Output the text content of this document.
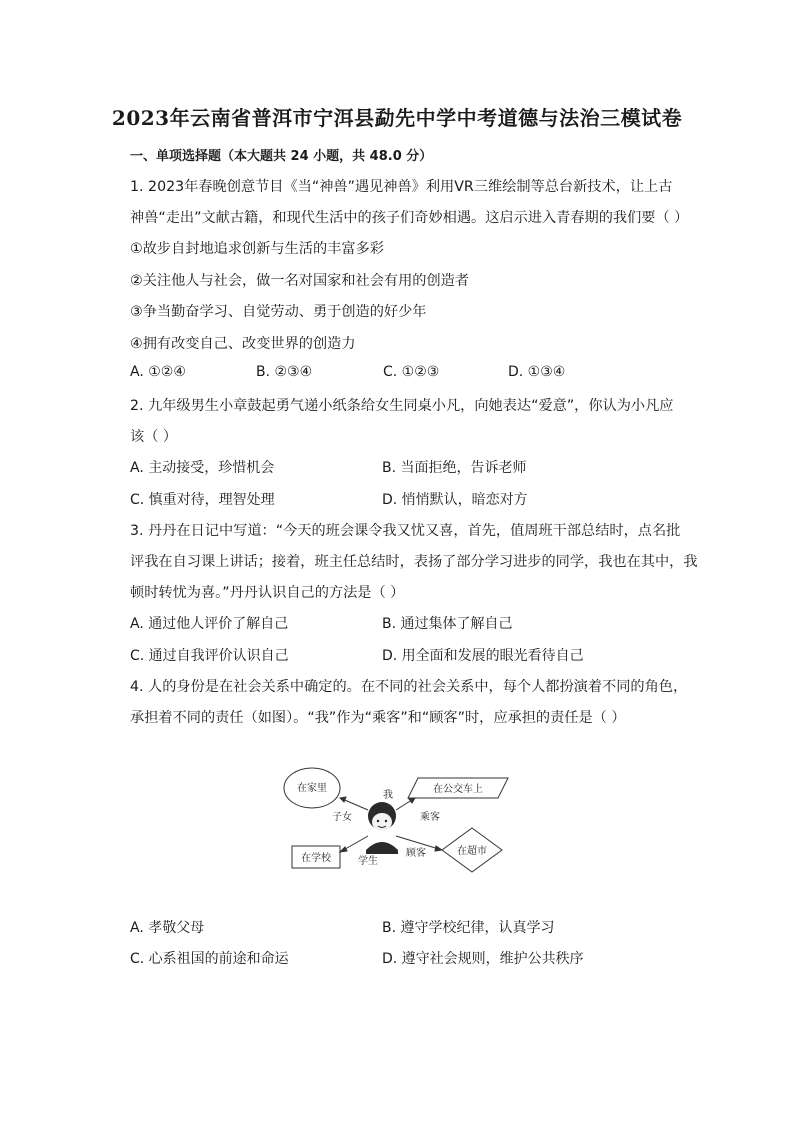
2023年云南省普洱市宁洱县勐先中学中考道德与法治三模试卷
一、单项选择题（本大题共 24 小题，共 48.0 分）
1. 2023年春晚创意节目《当“神兽”遇见神兽》利用VR三维绘制等总台新技术，让上古
神兽“走出”文献古籍，和现代生活中的孩子们奇妙相遇。这启示进入青春期的我们要（ ）
①故步自封地追求创新与生活的丰富多彩
②关注他人与社会，做一名对国家和社会有用的创造者
③争当勤奋学习、自觉劳动、勇于创造的好少年
④拥有改变自己、改变世界的创造力
A. ①②④	B. ②③④	C. ①②③	D. ①③④
2. 九年级男生小章鼓起勇气递小纸条给女生同桌小凡，向她表达“爱意”，你认为小凡应
该（ ）
A. 主动接受，珍惜机会	B. 当面拒绝，告诉老师
C. 慎重对待，理智处理	D. 悄悄默认，暗恋对方
3. 丹丹在日记中写道：“今天的班会课令我又忧又喜，首先，值周班干部总结时，点名批
评我在自习课上讲话；接着，班主任总结时，表扬了部分学习进步的同学，我也在其中，我
顿时转忧为喜。”丹丹认识自己的方法是（ ）
A. 通过他人评价了解自己	B. 通过集体了解自己
C. 通过自我评价认识自己	D. 用全面和发展的眼光看待自己
4. 人的身份是在社会关系中确定的。在不同的社会关系中，每个人都扮演着不同的角色，
承担着不同的责任（如图）。“我”作为“乘客”和“顾客”时，应承担的责任是（ ）
在家里	在公交车上
在学校
在超市
我
子女	乘客
学生
顾客
A. 孝敬父母	B. 遵守学校纪律，认真学习
C. 心系祖国的前途和命运	D. 遵守社会规则，维护公共秩序
